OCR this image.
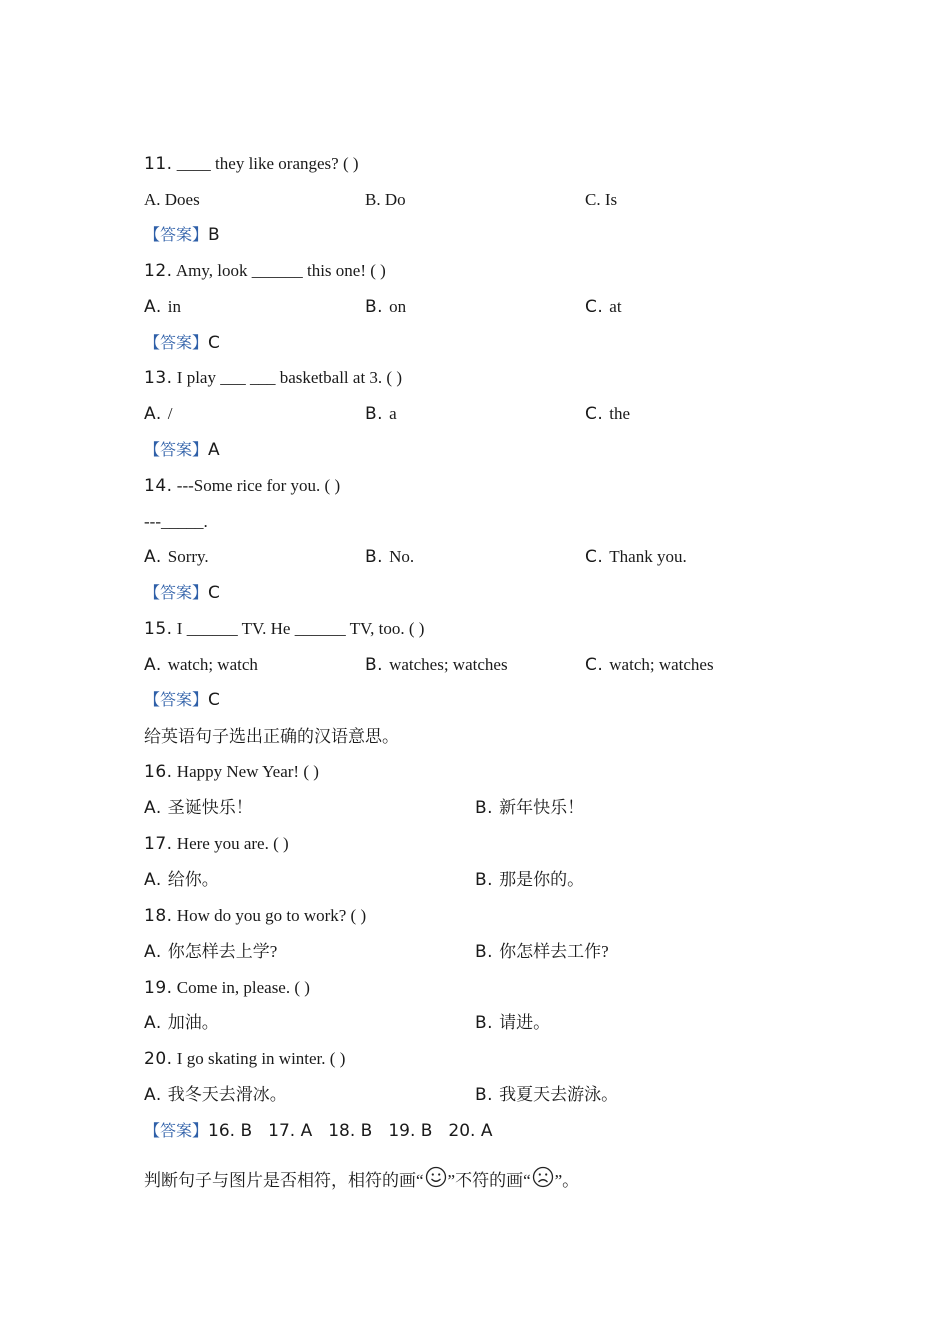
11. ____ they like oranges? ( )
A. Does	B. Do	C. Is
【答案】B
12. Amy, look ______ this one! ( )
A. in	B. on	C. at
【答案】C
13. I play ___ ___ basketball at 3. ( )
A. /	B. a	C. the
【答案】A
14. ---Some rice for you. ( )
---_____.
A. Sorry.	B. No.	C. Thank you.
【答案】C
15. I ______ TV. He ______ TV, too. ( )
A. watch; watch	B. watches; watches	C. watch; watches
【答案】C
给英语句子选出正确的汉语意思。
16. Happy New Year! ( )
A. 圣诞快乐！	B. 新年快乐！
17. Here you are. ( )
A. 给你。	B. 那是你的。
18. How do you go to work? ( )
A. 你怎样去上学?	B. 你怎样去工作?
19. Come in, please. ( )
A. 加油。	B. 请进。
20. I go skating in winter. ( )
A. 我冬天去滑冰。	B. 我夏天去游泳。
【答案】16. B 17. A 18. B 19. B 20. A
判断句子与图片是否相符，相符的画“ ”不符的画“ ”。
